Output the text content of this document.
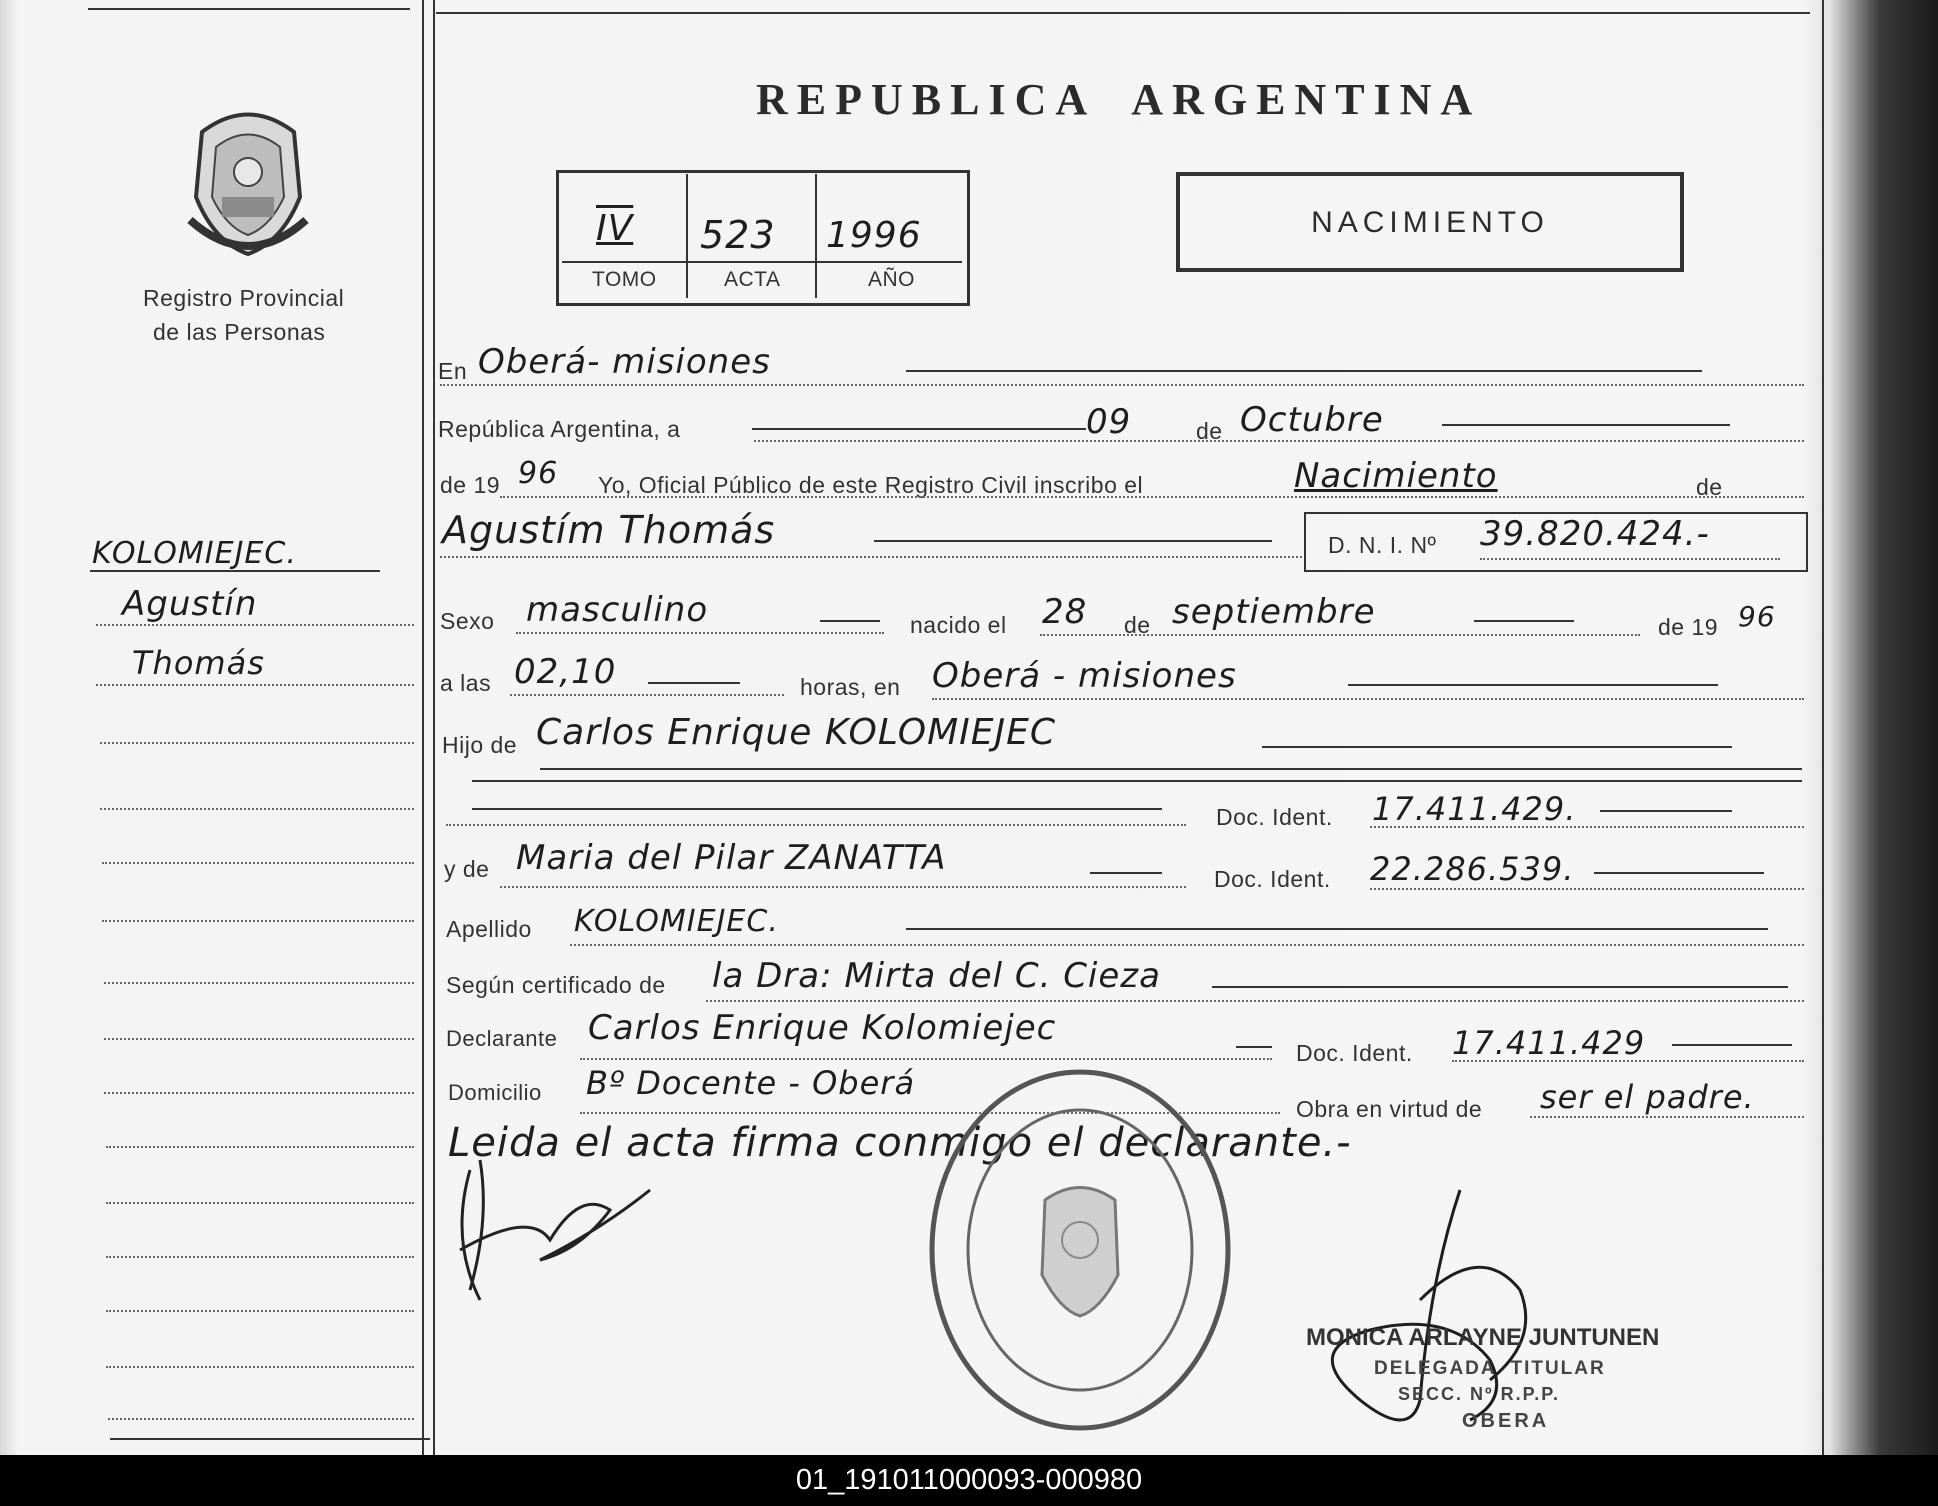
Registro Provincial
de las Personas
KOLOMIEJEC.
Agustín
Thomás
REPUBLICA  ARGENTINA
IV 523 1996
TOMO	ACTA	AÑO
NACIMIENTO
En Oberá- misiones
República Argentina, a	09	de Octubre
de 19 96 Yo, Oficial Público de este Registro Civil inscribo el	Nacimiento	de
Agustím Thomás	D. N. I. Nº 39.820.424.-
Sexo masculino	nacido el 28 de septiembre	de 19 96
a las 02,10	horas, en Oberá - misiones
Hijo de Carlos Enrique KOLOMIEJEC
Doc. Ident. 17.411.429.
y de Maria del Pilar ZANATTA
Doc. Ident. 22.286.539.
Apellido KOLOMIEJEC.
Según certificado de la Dra: Mirta del C. Cieza
Declarante Carlos Enrique Kolomiejec
Doc. Ident. 17.411.429
Domicilio Bº Docente - Oberá
Obra en virtud de ser el padre.
Leida el acta firma conmigo el declarante.-
MONICA ARLAYNE JUNTUNEN
DELEGADA  TITULAR
SECC. Nº R.P.P.
OBERA
01_191011000093-000980
